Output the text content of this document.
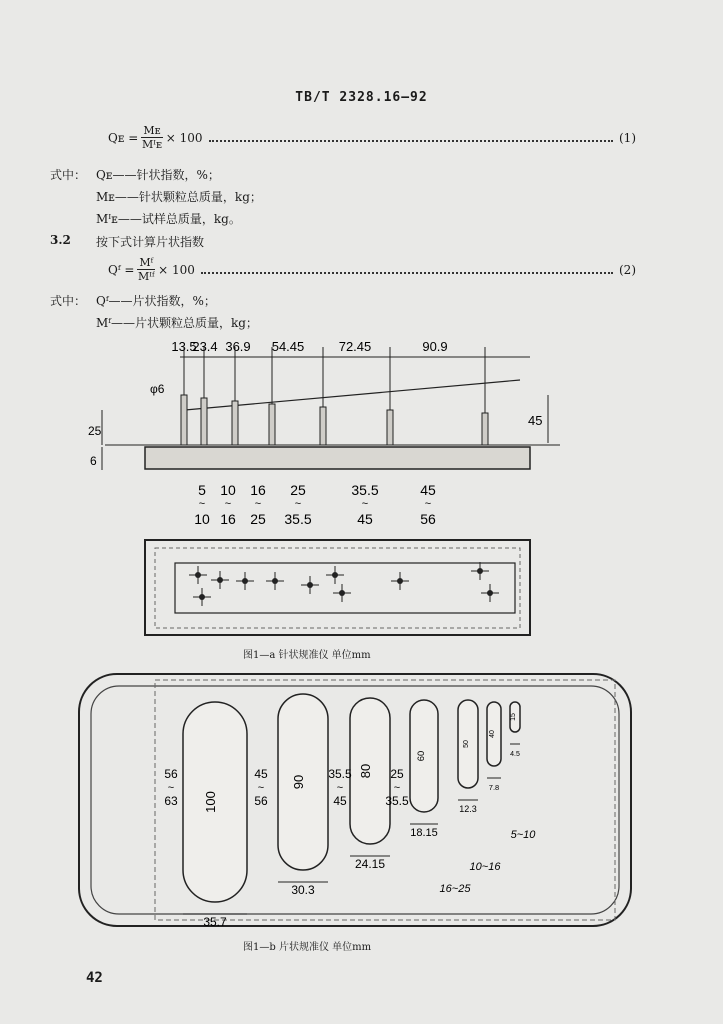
TB/T 2328.16—92
Qᴇ = $\frac{\text{Mᴇ}}{\text{Mᴵᴇ}} \times 100$	(1)
式中： Qᴇ——针状指数，%；
Mᴇ——针状颗粒总质量，kg；
Mᴵᴇ——试样总质量，kg。
3.2 按下式计算片状指数
Qᶠ = $\frac{\text{Mᶠ}}{\text{Mᴵᶠ}} \times 100$	(2)
式中： Qᶠ——片状指数，%；
Mᶠ——片状颗粒总质量，kg；
13.5
23.4 36.9 54.45	72.45	90.9
25
6
φ6
45
5
~
10
10
~
16
16
~
25
25
~
35.5
35.5
~
45
45
~
56
图1—a 针状规准仪 单位mm
100
35.7
90
30.3
80
24.15
60
18.15
50
12.3
40
7.8
15
4.5
56
~
63
45
~
56
35.5
~
45
25
~
35.5
16~25
10~16
5~10
图1—b 片状规准仪 单位mm
42
